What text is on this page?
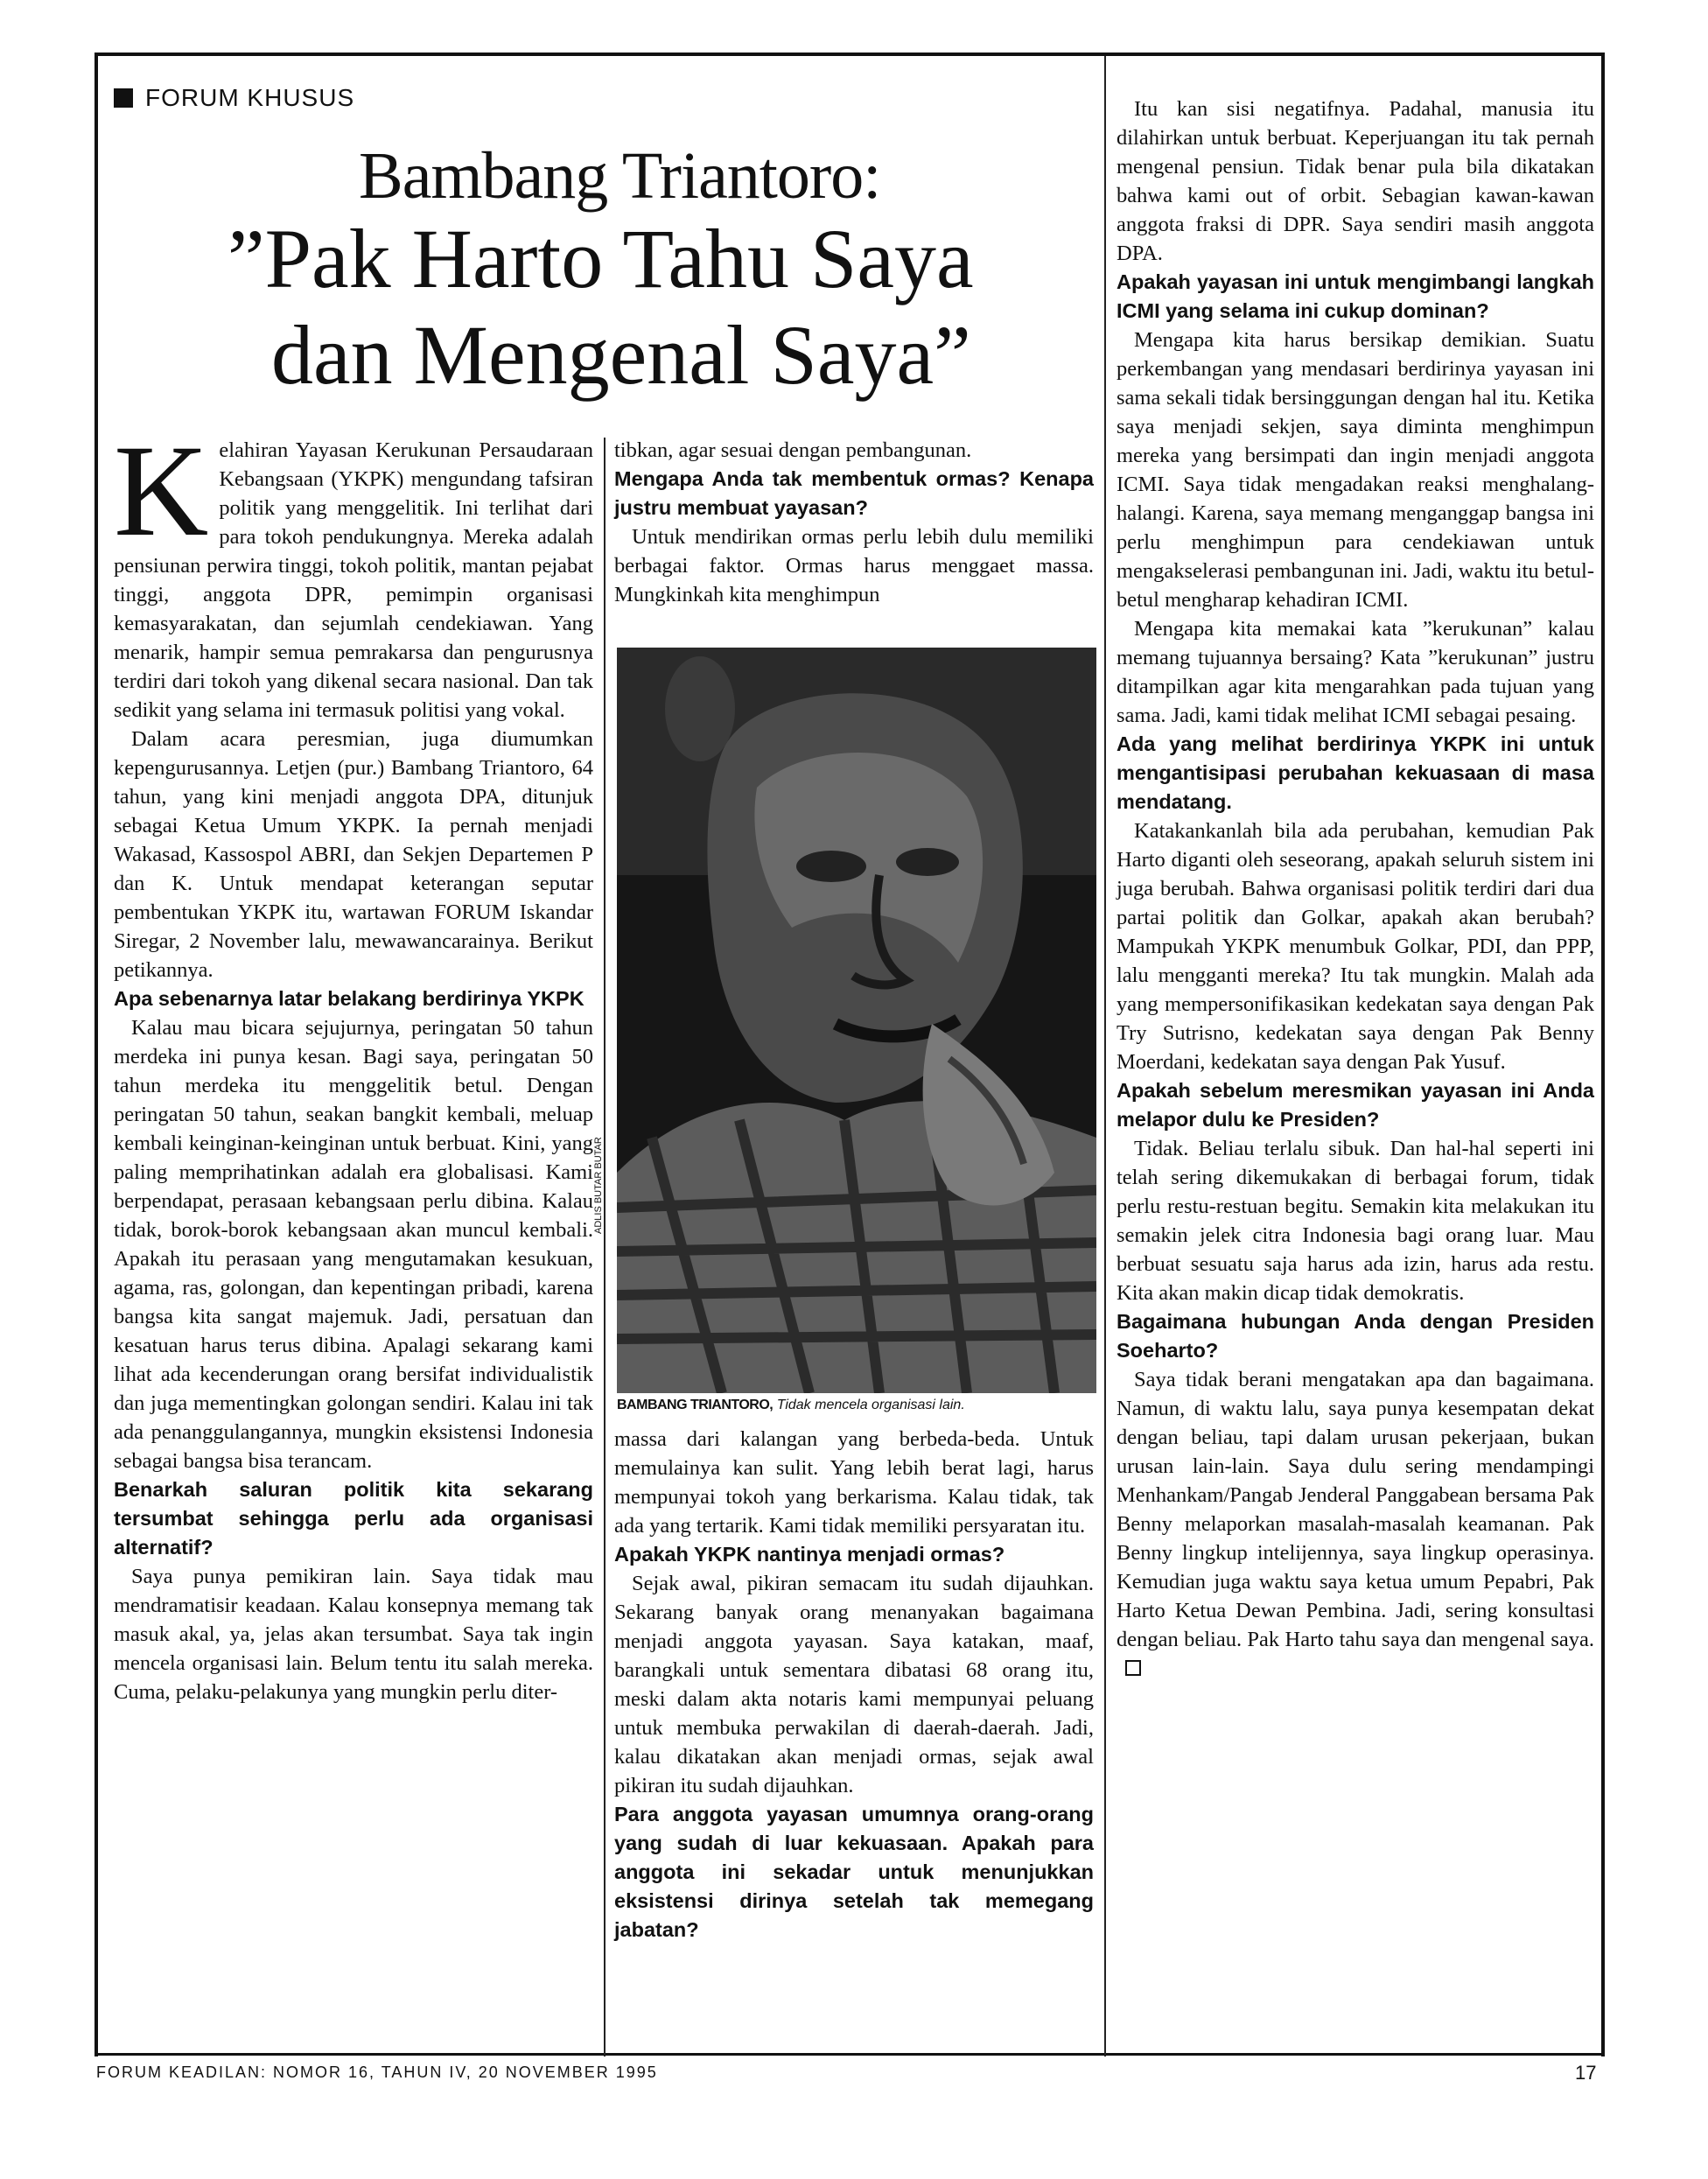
FORUM KHUSUS
Bambang Triantoro:
”Pak Harto Tahu Saya
dan Mengenal Saya”

Kelahiran Yayasan Kerukunan Persaudaraan Kebangsaan (YKPK) mengundang tafsiran politik yang menggelitik. Ini terlihat dari para tokoh pendukungnya. Mereka adalah pensiunan perwira tinggi, tokoh politik, mantan pejabat tinggi, anggota DPR, pemimpin organisasi kemasyarakatan, dan sejumlah cendekiawan. Yang menarik, hampir semua pemrakarsa dan pengurusnya terdiri dari tokoh yang dikenal secara nasional. Dan tak sedikit yang selama ini termasuk politisi yang vokal.

Dalam acara peresmian, juga diumumkan kepengurusannya. Letjen (pur.) Bambang Triantoro, 64 tahun, yang kini menjadi anggota DPA, ditunjuk sebagai Ketua Umum YKPK. Ia pernah menjadi Wakasad, Kassospol ABRI, dan Sekjen Departemen P dan K. Untuk mendapat keterangan seputar pembentukan YKPK itu, wartawan FORUM Iskandar Siregar, 2 November lalu, mewawancarainya. Berikut petikannya.

Apa sebenarnya latar belakang berdirinya YKPK

Kalau mau bicara sejujurnya, peringatan 50 tahun merdeka ini punya kesan. Bagi saya, peringatan 50 tahun merdeka itu menggelitik betul. Dengan peringatan 50 tahun, seakan bangkit kembali, meluap kembali keinginan-keinginan untuk berbuat. Kini, yang paling memprihatinkan adalah era globalisasi. Kami berpendapat, perasaan kebangsaan perlu dibina. Kalau tidak, borok-borok kebangsaan akan muncul kembali. Apakah itu perasaan yang mengutamakan kesukuan, agama, ras, golongan, dan kepentingan pribadi, karena bangsa kita sangat majemuk. Jadi, persatuan dan kesatuan harus terus dibina. Apalagi sekarang kami lihat ada kecenderungan orang bersifat individualistik dan juga mementingkan golongan sendiri. Kalau ini tak ada penanggulangannya, mungkin eksistensi Indonesia sebagai bangsa bisa terancam.

Benarkah saluran politik kita sekarang tersumbat sehingga perlu ada organisasi alternatif?

Saya punya pemikiran lain. Saya tidak mau mendramatisir keadaan. Kalau konsepnya memang tak masuk akal, ya, jelas akan tersumbat. Saya tak ingin mencela organisasi lain. Belum tentu itu salah mereka. Cuma, pelaku-pelakunya yang mungkin perlu diter-

tibkan, agar sesuai dengan pembangunan.

Mengapa Anda tak membentuk ormas? Kenapa justru membuat yayasan?

Untuk mendirikan ormas perlu lebih dulu memiliki berbagai faktor. Ormas harus menggaet massa. Mungkinkah kita menghimpun

ADLIS BUTAR BUTAR
BAMBANG TRIANTORO, Tidak mencela organisasi lain.

massa dari kalangan yang berbeda-beda. Untuk memulainya kan sulit. Yang lebih berat lagi, harus mempunyai tokoh yang berkarisma. Kalau tidak, tak ada yang tertarik. Kami tidak memiliki persyaratan itu.

Apakah YKPK nantinya menjadi ormas?

Sejak awal, pikiran semacam itu sudah dijauhkan. Sekarang banyak orang menanyakan bagaimana menjadi anggota yayasan. Saya katakan, maaf, barangkali untuk sementara dibatasi 68 orang itu, meski dalam akta notaris kami mempunyai peluang untuk membuka perwakilan di daerah-daerah. Jadi, kalau dikatakan akan menjadi ormas, sejak awal pikiran itu sudah dijauhkan.

Para anggota yayasan umumnya orang-orang yang sudah di luar kekuasaan. Apakah para anggota ini sekadar untuk menunjukkan eksistensi dirinya setelah tak memegang jabatan?

Itu kan sisi negatifnya. Padahal, manusia itu dilahirkan untuk berbuat. Keperjuangan itu tak pernah mengenal pensiun. Tidak benar pula bila dikatakan bahwa kami out of orbit. Sebagian kawan-kawan anggota fraksi di DPR. Saya sendiri masih anggota DPA.

Apakah yayasan ini untuk mengimbangi langkah ICMI yang selama ini cukup dominan?

Mengapa kita harus bersikap demikian. Suatu perkembangan yang mendasari berdirinya yayasan ini sama sekali tidak bersinggungan dengan hal itu. Ketika saya menjadi sekjen, saya diminta menghimpun mereka yang bersimpati dan ingin menjadi anggota ICMI. Saya tidak mengadakan reaksi menghalang-halangi. Karena, saya memang menganggap bangsa ini perlu menghimpun para cendekiawan untuk mengakselerasi pembangunan ini. Jadi, waktu itu betul-betul mengharap kehadiran ICMI.

Mengapa kita memakai kata ”kerukunan” kalau memang tujuannya bersaing? Kata ”kerukunan” justru ditampilkan agar kita mengarahkan pada tujuan yang sama. Jadi, kami tidak melihat ICMI sebagai pesaing.

Ada yang melihat berdirinya YKPK ini untuk mengantisipasi perubahan kekuasaan di masa mendatang.

Katakankanlah bila ada perubahan, kemudian Pak Harto diganti oleh seseorang, apakah seluruh sistem ini juga berubah. Bahwa organisasi politik terdiri dari dua partai politik dan Golkar, apakah akan berubah? Mampukah YKPK menumbuk Golkar, PDI, dan PPP, lalu mengganti mereka? Itu tak mungkin. Malah ada yang mempersonifikasikan kedekatan saya dengan Pak Try Sutrisno, kedekatan saya dengan Pak Benny Moerdani, kedekatan saya dengan Pak Yusuf.

Apakah sebelum meresmikan yayasan ini Anda melapor dulu ke Presiden?

Tidak. Beliau terlalu sibuk. Dan hal-hal seperti ini telah sering dikemukakan di berbagai forum, tidak perlu restu-restuan begitu. Semakin kita melakukan itu semakin jelek citra Indonesia bagi orang luar. Mau berbuat sesuatu saja harus ada izin, harus ada restu. Kita akan makin dicap tidak demokratis.

Bagaimana hubungan Anda dengan Presiden Soeharto?

Saya tidak berani mengatakan apa dan bagaimana. Namun, di waktu lalu, saya punya kesempatan dekat dengan beliau, tapi dalam urusan pekerjaan, bukan urusan lain-lain. Saya dulu sering mendampingi Menhankam/Pangab Jenderal Panggabean bersama Pak Benny melaporkan masalah-masalah keamanan. Pak Benny lingkup intelijennya, saya lingkup operasinya. Kemudian juga waktu saya ketua umum Pepabri, Pak Harto Ketua Dewan Pembina. Jadi, sering konsultasi dengan beliau. Pak Harto tahu saya dan mengenal saya.

FORUM KEADILAN: NOMOR 16, TAHUN IV, 20 NOVEMBER 1995	17
